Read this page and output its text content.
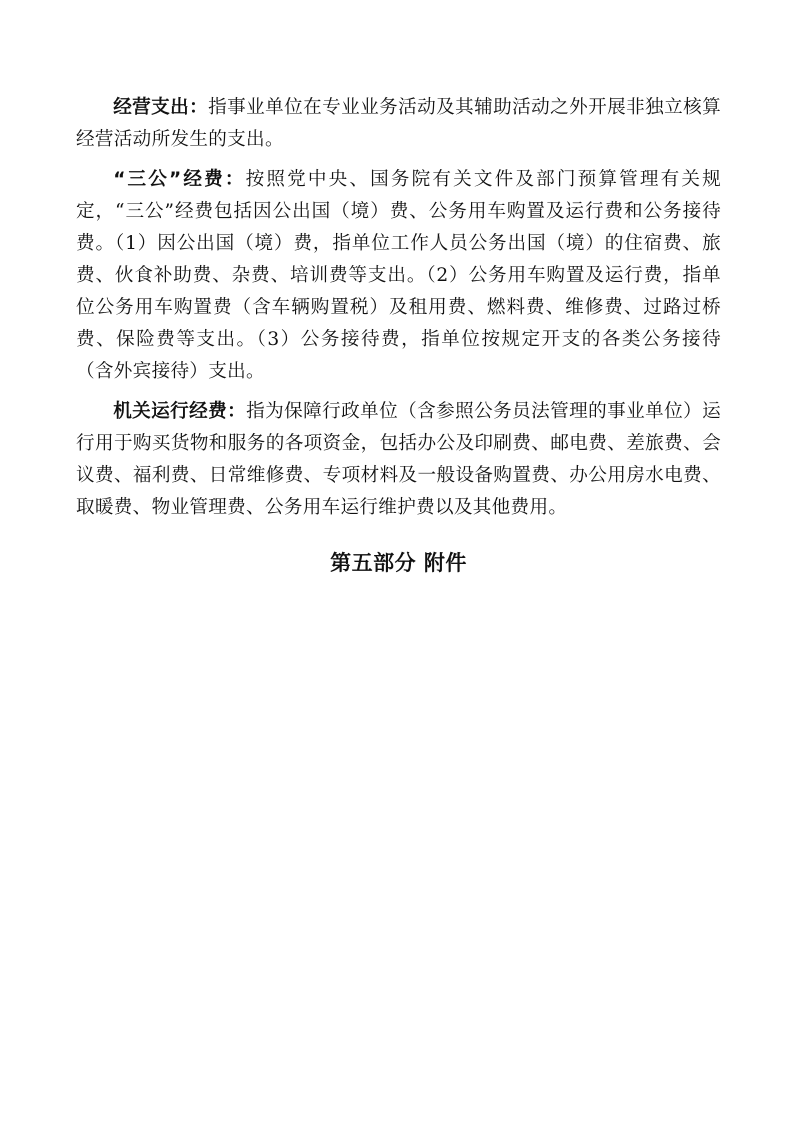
经营支出：指事业单位在专业业务活动及其辅助活动之外开展非独立核算经营活动所发生的支出。

“三公”经费：按照党中央、国务院有关文件及部门预算管理有关规定，“三公”经费包括因公出国（境）费、公务用车购置及运行费和公务接待费。（1）因公出国（境）费，指单位工作人员公务出国（境）的住宿费、旅费、伙食补助费、杂费、培训费等支出。（2）公务用车购置及运行费，指单位公务用车购置费（含车辆购置税）及租用费、燃料费、维修费、过路过桥费、保险费等支出。（3）公务接待费，指单位按规定开支的各类公务接待（含外宾接待）支出。

机关运行经费：指为保障行政单位（含参照公务员法管理的事业单位）运行用于购买货物和服务的各项资金，包括办公及印刷费、邮电费、差旅费、会议费、福利费、日常维修费、专项材料及一般设备购置费、办公用房水电费、取暖费、物业管理费、公务用车运行维护费以及其他费用。

第五部分 附件
